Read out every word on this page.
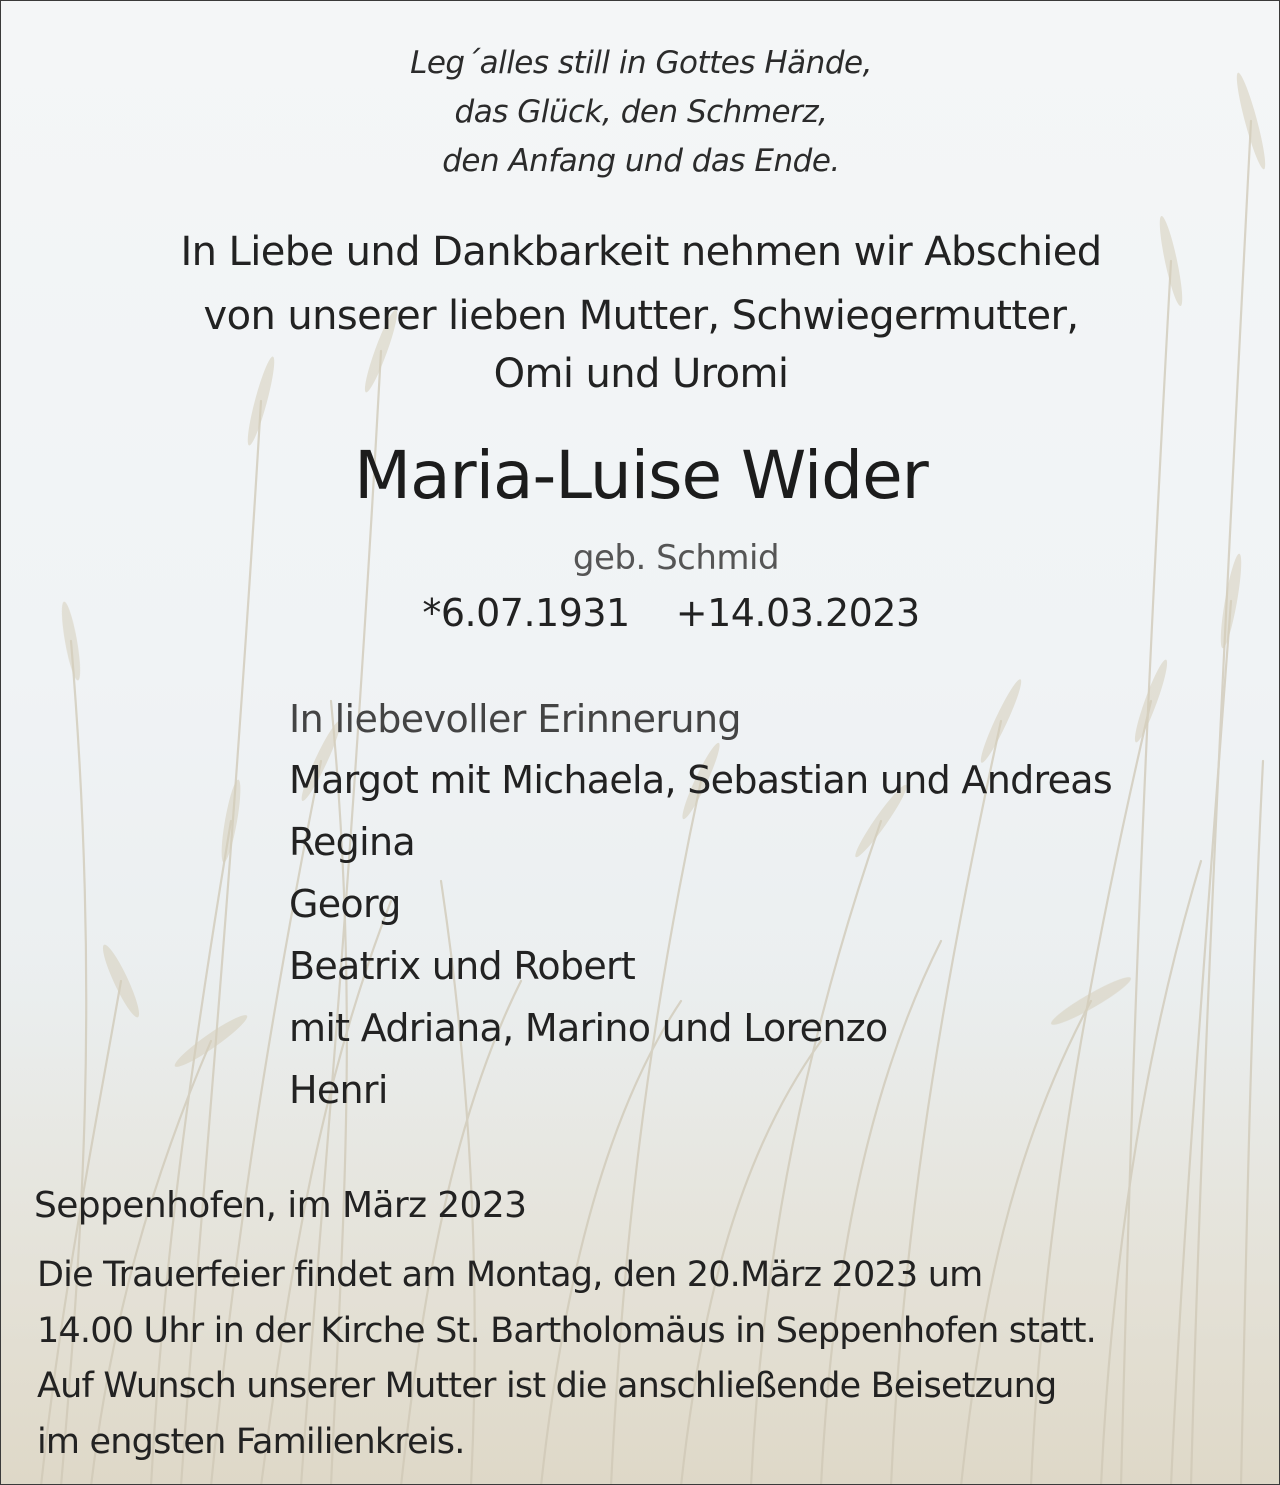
Leg´alles still in Gottes Hände,
das Glück, den Schmerz,
den Anfang und das Ende.
In Liebe und Dankbarkeit nehmen wir Abschied
von unserer lieben Mutter, Schwiegermutter,
Omi und Uromi
Maria-Luise Wider
geb. Schmid
*6.07.1931 +14.03.2023
In liebevoller Erinnerung
Margot mit Michaela, Sebastian und Andreas
Regina
Georg
Beatrix und Robert
mit Adriana, Marino und Lorenzo
Henri
Seppenhofen, im März 2023
Die Trauerfeier findet am Montag, den 20.März 2023 um
14.00 Uhr in der Kirche St. Bartholomäus in Seppenhofen statt.
Auf Wunsch unserer Mutter ist die anschließende Beisetzung
im engsten Familienkreis.
